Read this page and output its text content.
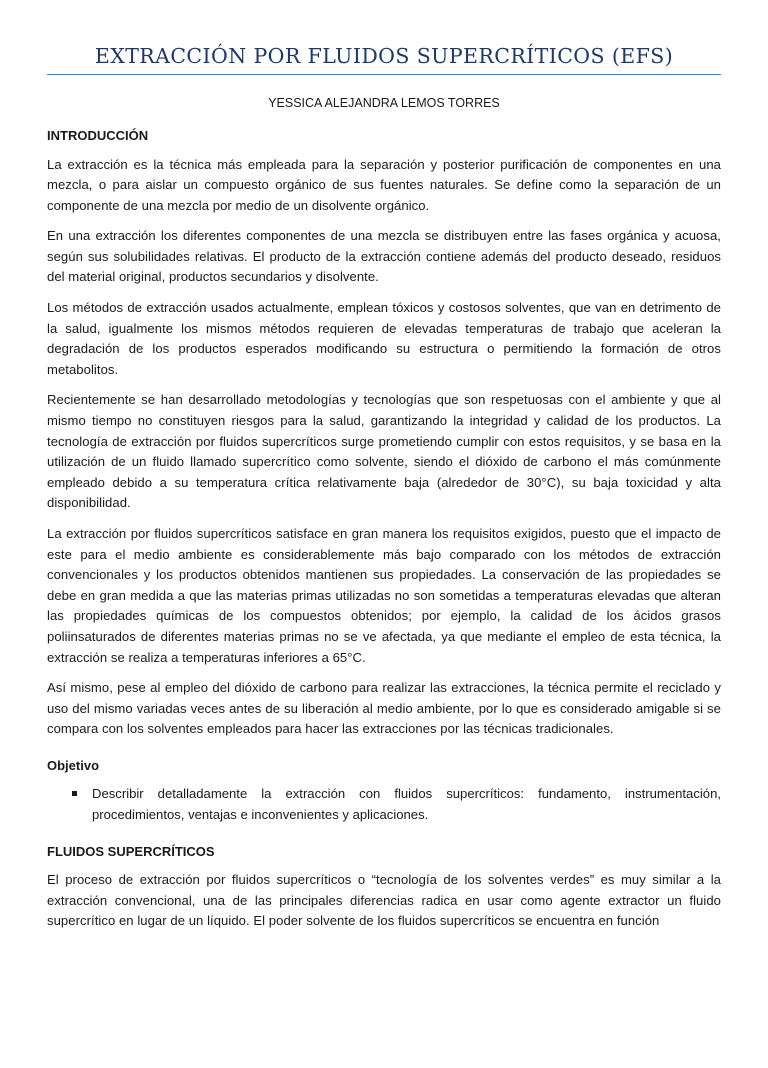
EXTRACCIÓN POR FLUIDOS SUPERCRÍTICOS (EFS)
YESSICA ALEJANDRA LEMOS TORRES
INTRODUCCIÓN

La extracción es la técnica más empleada para la separación y posterior purificación de componentes en una mezcla, o para aislar un compuesto orgánico de sus fuentes naturales. Se define como la separación de un componente de una mezcla por medio de un disolvente orgánico.

En una extracción los diferentes componentes de una mezcla se distribuyen entre las fases orgánica y acuosa, según sus solubilidades relativas. El producto de la extracción contiene además del producto deseado, residuos del material original, productos secundarios y disolvente.

Los métodos de extracción usados actualmente, emplean tóxicos y costosos solventes, que van en detrimento de la salud, igualmente los mismos métodos requieren de elevadas temperaturas de trabajo que aceleran la degradación de los productos esperados modificando su estructura o permitiendo la formación de otros metabolitos.

Recientemente se han desarrollado metodologías y tecnologías que son respetuosas con el ambiente y que al mismo tiempo no constituyen riesgos para la salud, garantizando la integridad y calidad de los productos. La tecnología de extracción por fluidos supercríticos surge prometiendo cumplir con estos requisitos, y se basa en la utilización de un fluido llamado supercrítico como solvente, siendo el dióxido de carbono el más comúnmente empleado debido a su temperatura crítica relativamente baja (alrededor de 30°C), su baja toxicidad y alta disponibilidad.

La extracción por fluidos supercríticos satisface en gran manera los requisitos exigidos, puesto que el impacto de este para el medio ambiente es considerablemente más bajo comparado con los métodos de extracción convencionales y los productos obtenidos mantienen sus propiedades. La conservación de las propiedades se debe en gran medida a que las materias primas utilizadas no son sometidas a temperaturas elevadas que alteran las propiedades químicas de los compuestos obtenidos; por ejemplo, la calidad de los ácidos grasos poliinsaturados de diferentes materias primas no se ve afectada, ya que mediante el empleo de esta técnica, la extracción se realiza a temperaturas inferiores a 65°C.

Así mismo, pese al empleo del dióxido de carbono para realizar las extracciones, la técnica permite el reciclado y uso del mismo variadas veces antes de su liberación al medio ambiente, por lo que es considerado amigable si se compara con los solventes empleados para hacer las extracciones por las técnicas tradicionales.

Objetivo
Describir detalladamente la extracción con fluidos supercríticos: fundamento, instrumentación, procedimientos, ventajas e inconvenientes y aplicaciones.
FLUIDOS SUPERCRÍTICOS

El proceso de extracción por fluidos supercríticos o “tecnología de los solventes verdes” es muy similar a la extracción convencional, una de las principales diferencias radica en usar como agente extractor un fluido supercrítico en lugar de un líquido. El poder solvente de los fluidos supercríticos se encuentra en función
